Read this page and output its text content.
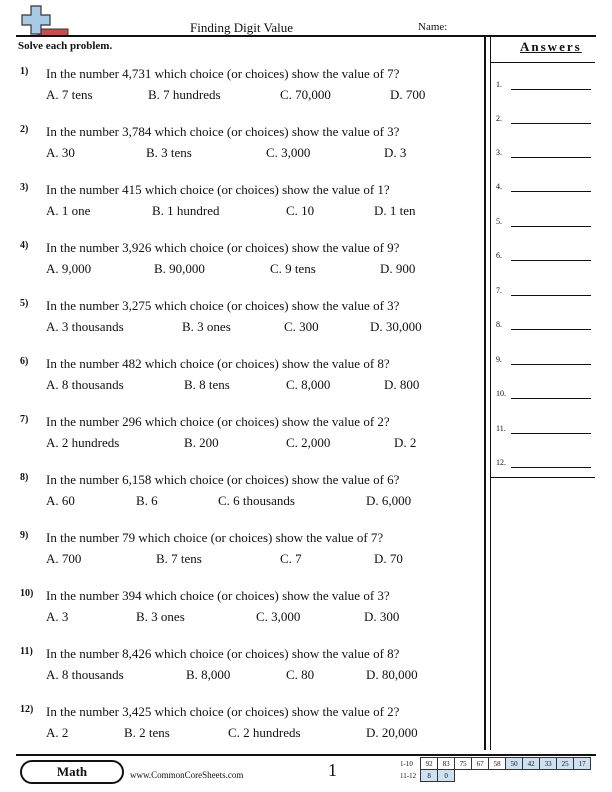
Finding Digit Value	Name:
Solve each problem.	Answers
1.
2.
3.
4.
5.
6.
7.
8.
9.
10.
11.
12.
1) In the number 4,731 which choice (or choices) show the value of 7?
A. 7 tens	B. 7 hundreds	C. 70,000	D. 700
2) In the number 3,784 which choice (or choices) show the value of 3?
A. 30	B. 3 tens	C. 3,000	D. 3
3) In the number 415 which choice (or choices) show the value of 1?
A. 1 one	B. 1 hundred	C. 10	D. 1 ten
4) In the number 3,926 which choice (or choices) show the value of 9?
A. 9,000	B. 90,000	C. 9 tens	D. 900
5) In the number 3,275 which choice (or choices) show the value of 3?
A. 3 thousands	B. 3 ones	C. 300	D. 30,000
6) In the number 482 which choice (or choices) show the value of 8?
A. 8 thousands	B. 8 tens	C. 8,000	D. 800
7) In the number 296 which choice (or choices) show the value of 2?
A. 2 hundreds	B. 200	C. 2,000	D. 2
8) In the number 6,158 which choice (or choices) show the value of 6?
A. 60	B. 6	C. 6 thousands	D. 6,000
9) In the number 79 which choice (or choices) show the value of 7?
A. 700	B. 7 tens	C. 7	D. 70
10) In the number 394 which choice (or choices) show the value of 3?
A. 3	B. 3 ones	C. 3,000	D. 300
11) In the number 8,426 which choice (or choices) show the value of 8?
A. 8 thousands	B. 8,000	C. 80	D. 80,000
12) In the number 3,425 which choice (or choices) show the value of 2?
A. 2	B. 2 tens	C. 2 hundreds	D. 20,000
Math	www.CommonCoreSheets.com	1	1-10	92	83	75	67	58	50	42	33	25	17
11-12	8	0								
